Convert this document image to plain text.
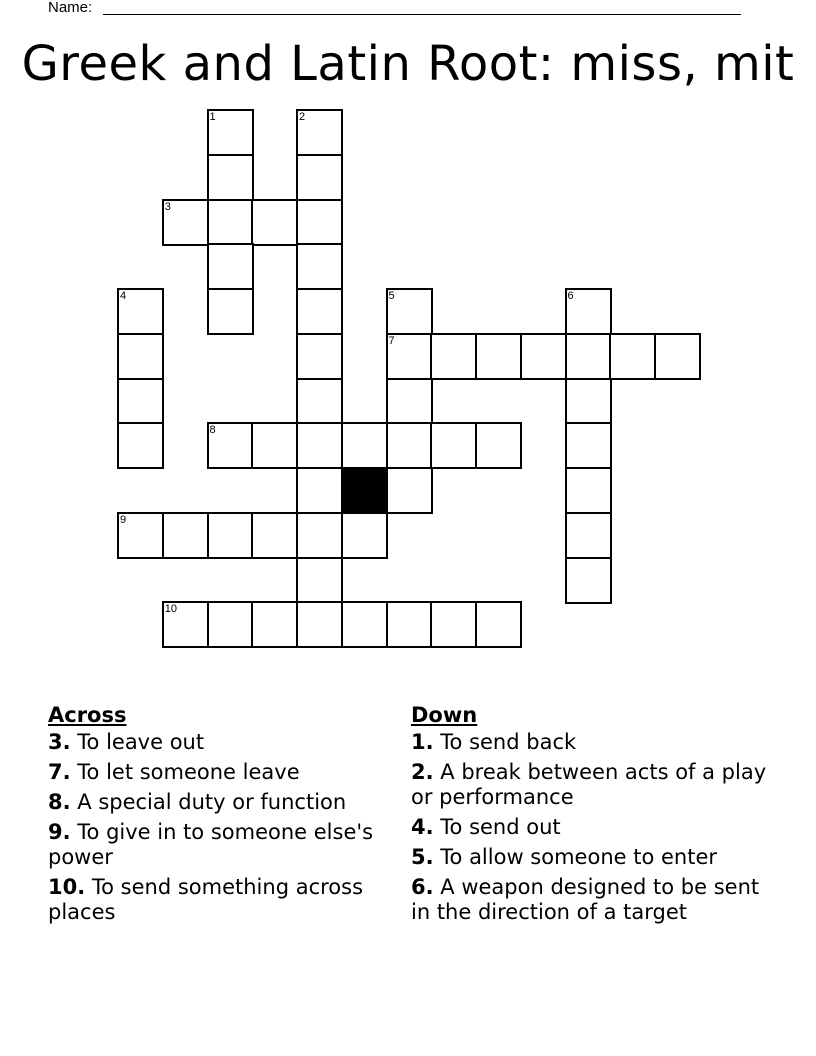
Name:
Greek and Latin Root: miss, mit
1	2
3
4	5	6
7
8
9
10
Across
3. To leave out
7. To let someone leave
8. A special duty or function
9. To give in to someone else's power
10. To send something across places
Down
1. To send back
2. A break between acts of a play or performance
4. To send out
5. To allow someone to enter
6. A weapon designed to be sent in the direction of a target
